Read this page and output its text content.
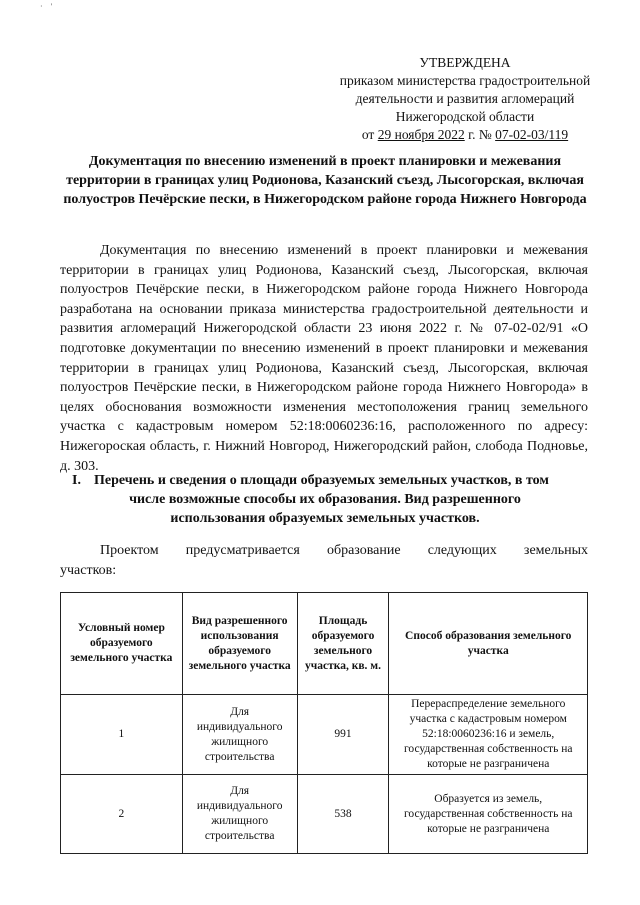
· '
УТВЕРЖДЕНА
приказом министерства градостроительной
деятельности и развития агломераций
Нижегородской области
от 29 ноября 2022 г. № 07-02-03/119
Документация по внесению изменений в проект планировки и межевания территории в границах улиц Родионова, Казанский съезд, Лысогорская, включая полуостров Печёрские пески, в Нижегородском районе города Нижнего Новгорода
Документация по внесению изменений в проект планировки и межевания территории в границах улиц Родионова, Казанский съезд, Лысогорская, включая полуостров Печёрские пески, в Нижегородском районе города Нижнего Новгорода разработана на основании приказа министерства градостроительной деятельности и развития агломераций Нижегородской области 23 июня 2022 г. № 07-02-02/91 «О подготовке документации по внесению изменений в проект планировки и межевания территории в границах улиц Родионова, Казанский съезд, Лысогорская, включая полуостров Печёрские пески, в Нижегородском районе города Нижнего Новгорода» в целях обоснования возможности изменения местоположения границ земельного участка с кадастровым номером 52:18:0060236:16, расположенного по адресу: Нижегороская область, г. Нижний Новгород, Нижегородский район, слобода Подновье, д. 303.
I. Перечень и сведения о площади образуемых земельных участков, в том
числе возможные способы их образования. Вид разрешенного
использования образуемых земельных участков.
Проектом предусматривается образование следующих земельных
участков:
Условный номер образуемого земельного участка	Вид разрешенного использования образуемого земельного участка	Площадь образуемого земельного участка, кв. м.	Способ образования земельного участка
1	Для индивидуального жилищного строительства	991	Перераспределение земельного участка с кадастровым номером 52:18:0060236:16 и земель, государственная собственность на которые не разграничена
2	Для индивидуального жилищного строительства	538	Образуется из земель, государственная собственность на которые не разграничена
